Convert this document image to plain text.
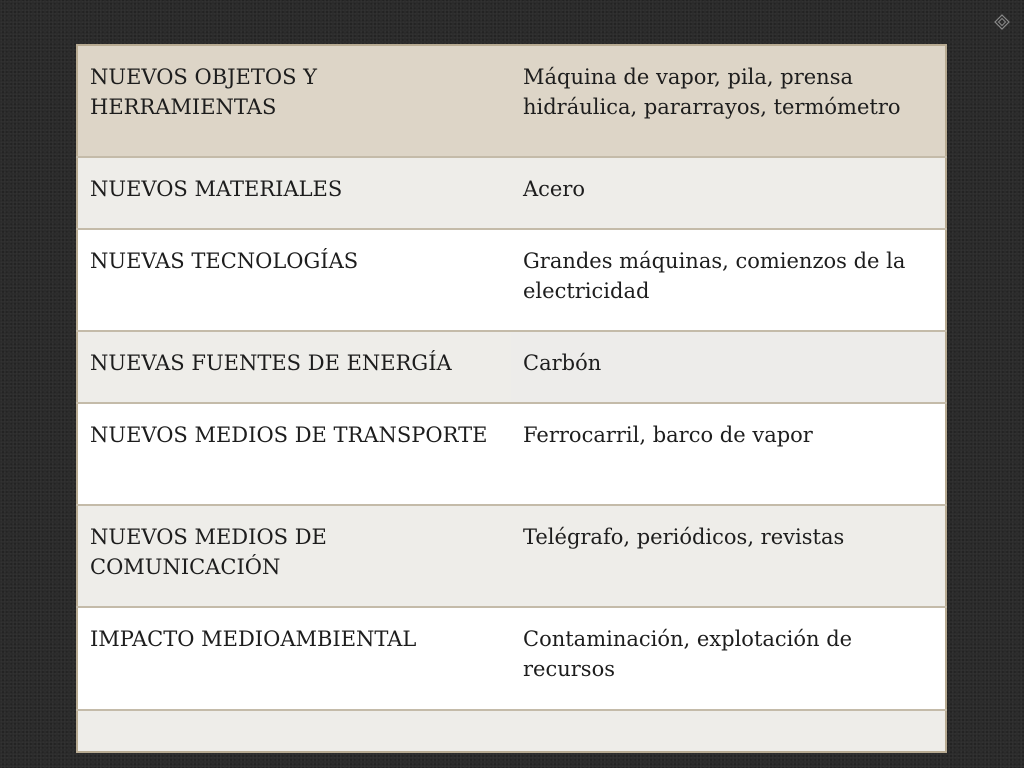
NUEVOS OBJETOS Y HERRAMIENTAS	Máquina de vapor, pila, prensa hidráulica, pararrayos, termómetro
NUEVOS MATERIALES	Acero
NUEVAS TECNOLOGÍAS	Grandes máquinas, comienzos de la electricidad
NUEVAS FUENTES DE ENERGÍA	Carbón
NUEVOS MEDIOS DE TRANSPORTE	Ferrocarril, barco de vapor
NUEVOS MEDIOS DE COMUNICACIÓN	Telégrafo, periódicos, revistas
IMPACTO MEDIOAMBIENTAL	Contaminación, explotación de recursos
